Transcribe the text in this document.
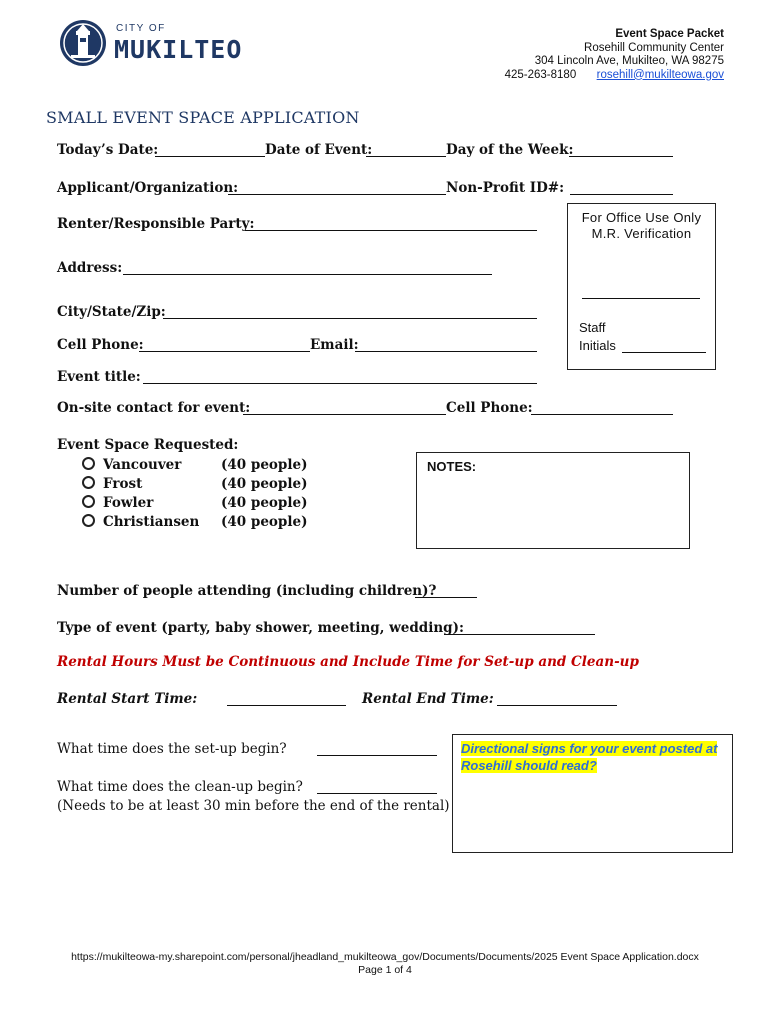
CITY OF
MUKILTEO
Event Space Packet
Rosehill Community Center
304 Lincoln Ave, Mukilteo, WA 98275
425-263-8180 rosehill@mukilteowa.gov
SMALL EVENT SPACE APPLICATION
Today’s Date:	Date of Event:	Day of the Week:
Applicant/Organization:	Non-Profit ID#:
For Office Use Only
M.R. Verification
Staff
Initials
Renter/Responsible Party:
Address:
City/State/Zip:
Cell Phone:	Email:
Event title:
On-site contact for event:	Cell Phone:
Event Space Requested:
Vancouver	(40 people)
Frost	(40 people)
Fowler	(40 people)
Christiansen (40 people)
NOTES:
Number of people attending (including children)?
Type of event (party, baby shower, meeting, wedding):
Rental Hours Must be Continuous and Include Time for Set-up and Clean-up
Rental Start Time:	Rental End Time:
What time does the set-up begin?
What time does the clean-up begin?
(Needs to be at least 30 min before the end of the rental)
Directional signs for your event posted at Rosehill should read?
https://mukilteowa-my.sharepoint.com/personal/jheadland_mukilteowa_gov/Documents/Documents/2025 Event Space Application.docx
Page 1 of 4
